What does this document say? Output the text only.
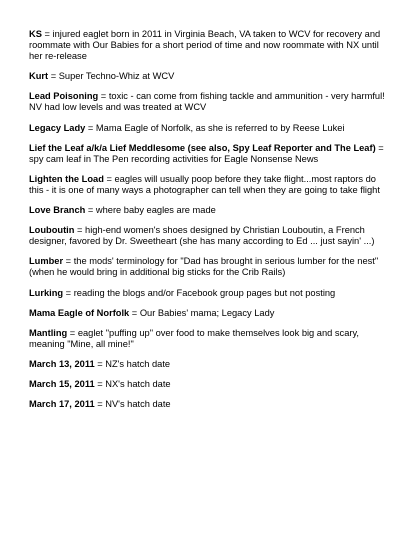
KS = injured eaglet born in 2011 in Virginia Beach, VA taken to WCV for recovery and roommate with Our Babies for a short period of time and now roommate with NX until her re-release

Kurt = Super Techno-Whiz at WCV

Lead Poisoning = toxic - can come from fishing tackle and ammunition - very harmful! NV had low levels and was treated at WCV

Legacy Lady = Mama Eagle of Norfolk, as she is referred to by Reese Lukei

Lief the Leaf a/k/a Lief Meddlesome (see also, Spy Leaf Reporter and The Leaf) = spy cam leaf in The Pen recording activities for Eagle Nonsense News

Lighten the Load = eagles will usually poop before they take flight...most raptors do this - it is one of many ways a photographer can tell when they are going to take flight

Love Branch = where baby eagles are made

Louboutin = high-end women's shoes designed by Christian Louboutin, a French designer, favored by Dr. Sweetheart (she has many according to Ed ... just sayin' ...)

Lumber = the mods' terminology for "Dad has brought in serious lumber for the nest" (when he would bring in additional big sticks for the Crib Rails)

Lurking = reading the blogs and/or Facebook group pages but not posting

Mama Eagle of Norfolk = Our Babies' mama; Legacy Lady

Mantling = eaglet "puffing up" over food to make themselves look big and scary, meaning "Mine, all mine!"

March 13, 2011 = NZ's hatch date

March 15, 2011 = NX's hatch date

March 17, 2011 = NV's hatch date
